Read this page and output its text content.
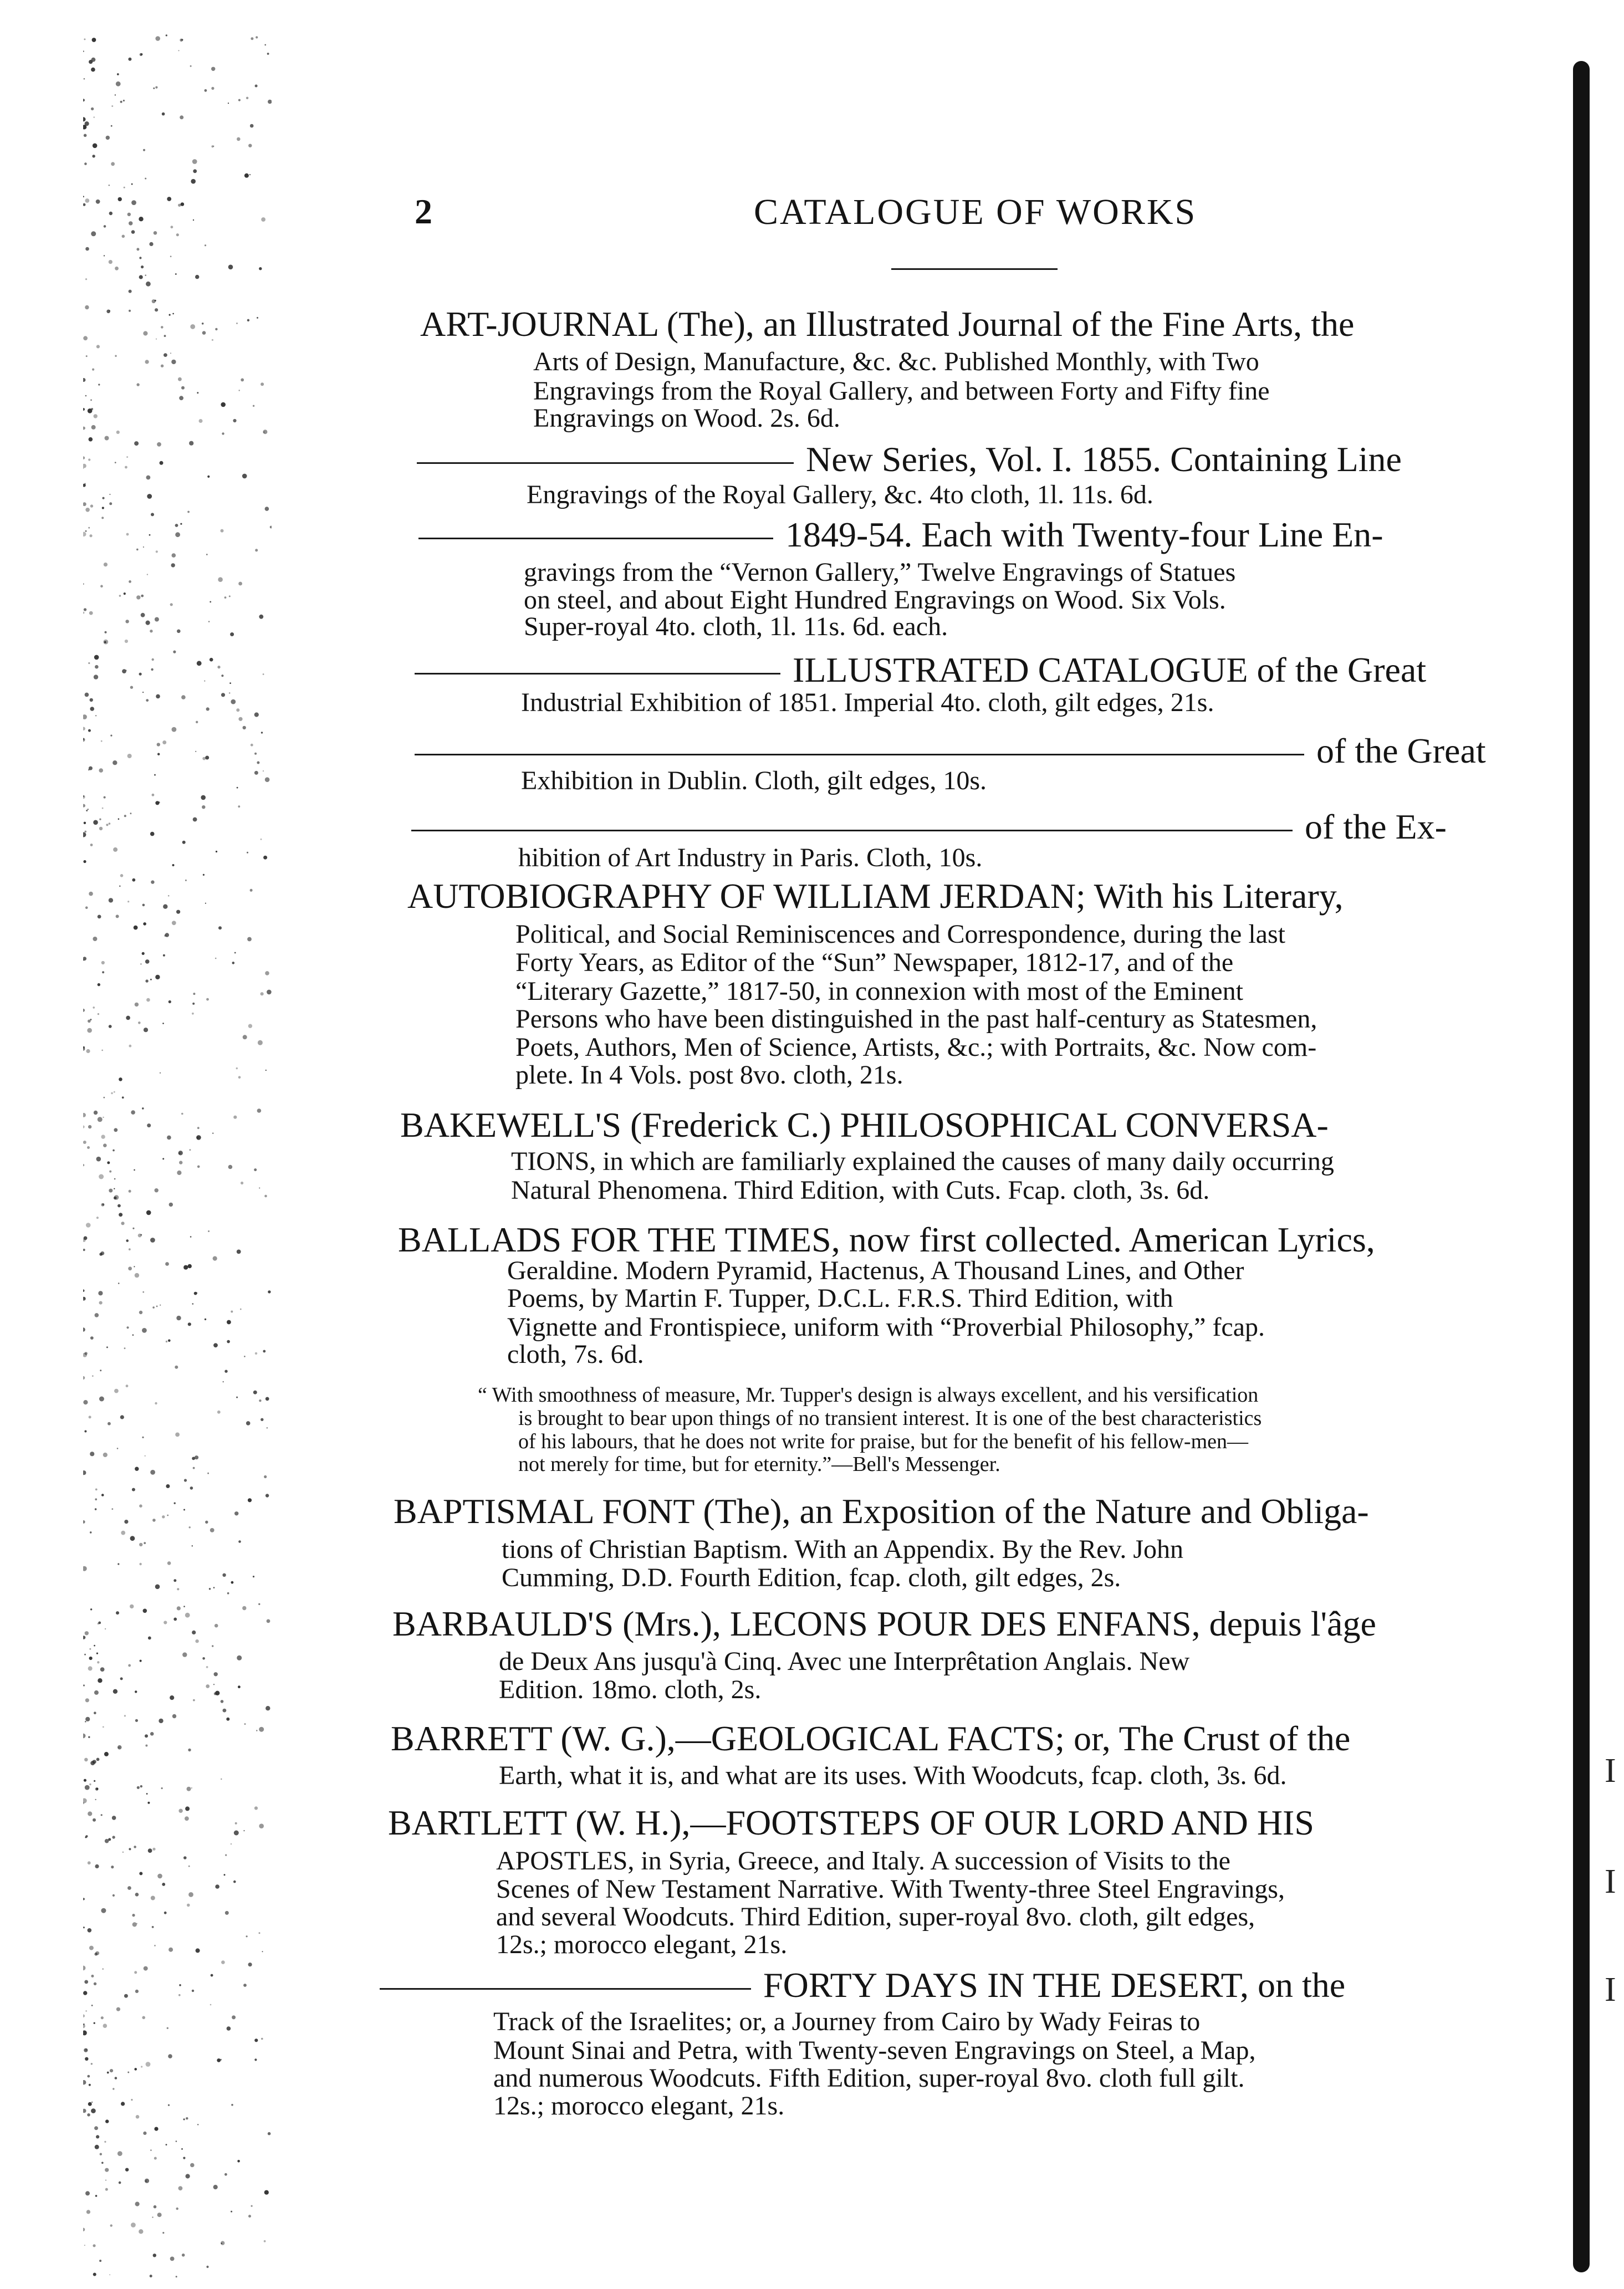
I
I
I
2	CATALOGUE OF WORKS
ART-JOURNAL (The), an Illustrated Journal of the Fine Arts, the
Arts of Design, Manufacture, &c. &c. Published Monthly, with Two
Engravings from the Royal Gallery, and between Forty and Fifty fine
Engravings on Wood. 2s. 6d.
New Series, Vol. I. 1855. Containing Line
Engravings of the Royal Gallery, &c. 4to cloth, 1l. 11s. 6d.
1849-54. Each with Twenty-four Line En-
gravings from the “Vernon Gallery,” Twelve Engravings of Statues
on steel, and about Eight Hundred Engravings on Wood. Six Vols.
Super-royal 4to. cloth, 1l. 11s. 6d. each.
ILLUSTRATED CATALOGUE of the Great
Industrial Exhibition of 1851. Imperial 4to. cloth, gilt edges, 21s.
of the Great
Exhibition in Dublin. Cloth, gilt edges, 10s.
of the Ex-
hibition of Art Industry in Paris. Cloth, 10s.
AUTOBIOGRAPHY OF WILLIAM JERDAN; With his Literary,
Political, and Social Reminiscences and Correspondence, during the last
Forty Years, as Editor of the “Sun” Newspaper, 1812-17, and of the
“Literary Gazette,” 1817-50, in connexion with most of the Eminent
Persons who have been distinguished in the past half-century as Statesmen,
Poets, Authors, Men of Science, Artists, &c.; with Portraits, &c. Now com-
plete. In 4 Vols. post 8vo. cloth, 21s.
BAKEWELL'S (Frederick C.) PHILOSOPHICAL CONVERSA-
TIONS, in which are familiarly explained the causes of many daily occurring
Natural Phenomena. Third Edition, with Cuts. Fcap. cloth, 3s. 6d.
BALLADS FOR THE TIMES, now first collected. American Lyrics,
Geraldine. Modern Pyramid, Hactenus, A Thousand Lines, and Other
Poems, by Martin F. Tupper, D.C.L. F.R.S. Third Edition, with
Vignette and Frontispiece, uniform with “Proverbial Philosophy,” fcap.
cloth, 7s. 6d.
“ With smoothness of measure, Mr. Tupper's design is always excellent, and his versification
is brought to bear upon things of no transient interest. It is one of the best characteristics
of his labours, that he does not write for praise, but for the benefit of his fellow-men—
not merely for time, but for eternity.”—Bell's Messenger.
BAPTISMAL FONT (The), an Exposition of the Nature and Obliga-
tions of Christian Baptism. With an Appendix. By the Rev. John
Cumming, D.D. Fourth Edition, fcap. cloth, gilt edges, 2s.
BARBAULD'S (Mrs.), LECONS POUR DES ENFANS, depuis l'âge
de Deux Ans jusqu'à Cinq. Avec une Interprêtation Anglais. New
Edition. 18mo. cloth, 2s.
BARRETT (W. G.),—GEOLOGICAL FACTS; or, The Crust of the
Earth, what it is, and what are its uses. With Woodcuts, fcap. cloth, 3s. 6d.
BARTLETT (W. H.),—FOOTSTEPS OF OUR LORD AND HIS
APOSTLES, in Syria, Greece, and Italy. A succession of Visits to the
Scenes of New Testament Narrative. With Twenty-three Steel Engravings,
and several Woodcuts. Third Edition, super-royal 8vo. cloth, gilt edges,
12s.; morocco elegant, 21s.
FORTY DAYS IN THE DESERT, on the
Track of the Israelites; or, a Journey from Cairo by Wady Feiras to
Mount Sinai and Petra, with Twenty-seven Engravings on Steel, a Map,
and numerous Woodcuts. Fifth Edition, super-royal 8vo. cloth full gilt.
12s.; morocco elegant, 21s.
